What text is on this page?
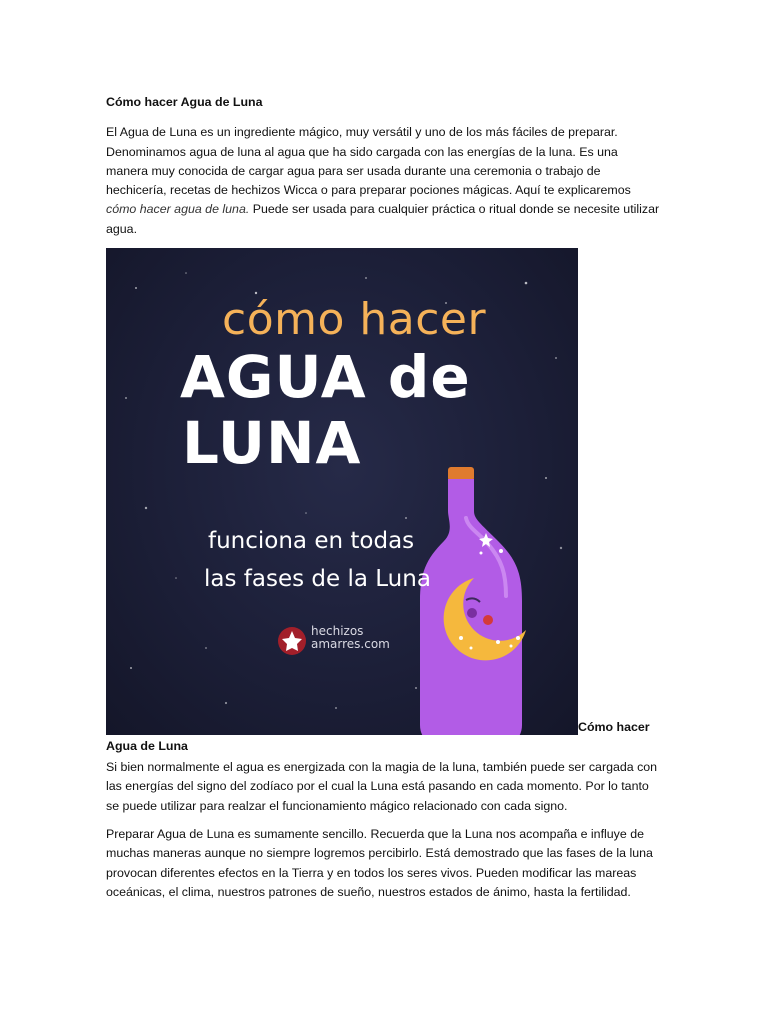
Cómo hacer Agua de Luna

El Agua de Luna es un ingrediente mágico, muy versátil y uno de los más fáciles de preparar. Denominamos agua de luna al agua que ha sido cargada con las energías de la luna. Es una manera muy conocida de cargar agua para ser usada durante una ceremonia o trabajo de hechicería, recetas de hechizos Wicca o para preparar pociones mágicas. Aquí te explicaremos cómo hacer agua de luna. Puede ser usada para cualquier práctica o ritual donde se necesite utilizar agua.

cómo hacer
AGUA de
LUNA
funciona en todas
las fases de la Luna
hechizos
amarres.com
Cómo hacer
Agua de Luna

Si bien normalmente el agua es energizada con la magia de la luna, también puede ser cargada con las energías del signo del zodíaco por el cual la Luna está pasando en cada momento. Por lo tanto se puede utilizar para realzar el funcionamiento mágico relacionado con cada signo.

Preparar Agua de Luna es sumamente sencillo. Recuerda que la Luna nos acompaña e influye de muchas maneras aunque no siempre logremos percibirlo. Está demostrado que las fases de la luna provocan diferentes efectos en la Tierra y en todos los seres vivos. Pueden modificar las mareas oceánicas, el clima, nuestros patrones de sueño, nuestros estados de ánimo, hasta la fertilidad.
